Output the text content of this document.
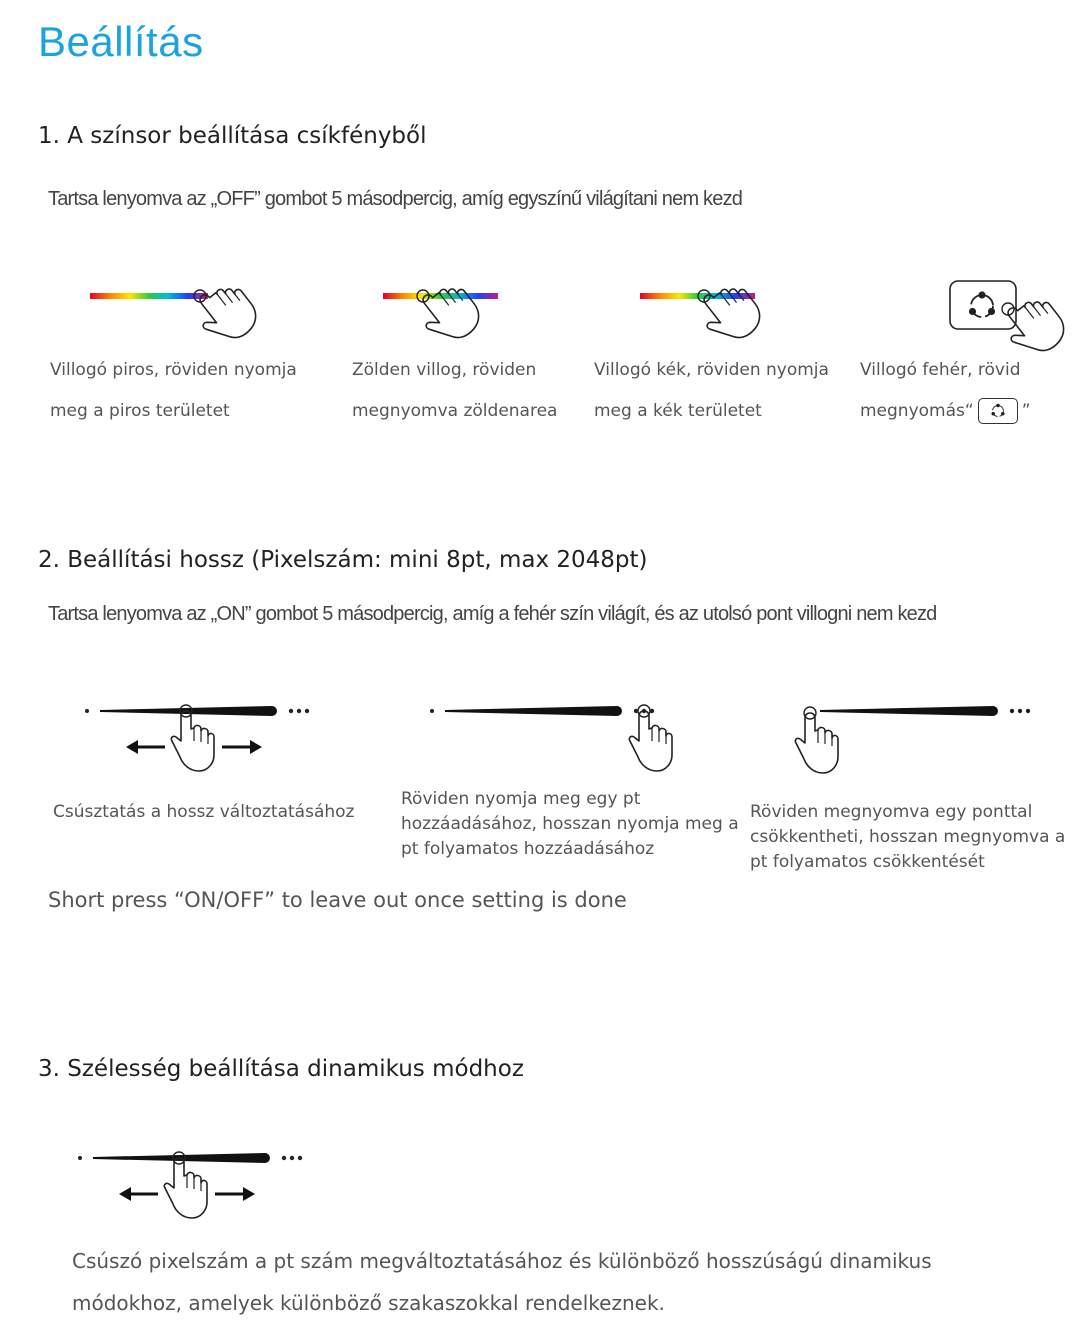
Beállítás
1. A színsor beállítása csíkfényből
Tartsa lenyomva az „OFF” gombot 5 másodpercig, amíg egyszínű világítani nem kezd
Villogó piros, röviden nyomja
meg a piros területet
Zölden villog, röviden
megnyomva zöldenarea
Villogó kék, röviden nyomja
meg a kék területet
Villogó fehér, rövid
megnyomás“	”
2. Beállítási hossz (Pixelszám: mini 8pt, max 2048pt)
Tartsa lenyomva az „ON” gombot 5 másodpercig, amíg a fehér szín világít, és az utolsó pont villogni nem kezd
Csúsztatás a hossz változtatásához
Röviden nyomja meg egy pt
hozzáadásához, hosszan nyomja meg a
pt folyamatos hozzáadásához
Röviden megnyomva egy ponttal
csökkentheti, hosszan megnyomva a
pt folyamatos csökkentését
Short press “ON/OFF” to leave out once setting is done
3. Szélesség beállítása dinamikus módhoz
Csúszó pixelszám a pt szám megváltoztatásához és különböző hosszúságú dinamikus
módokhoz, amelyek különböző szakaszokkal rendelkeznek.
